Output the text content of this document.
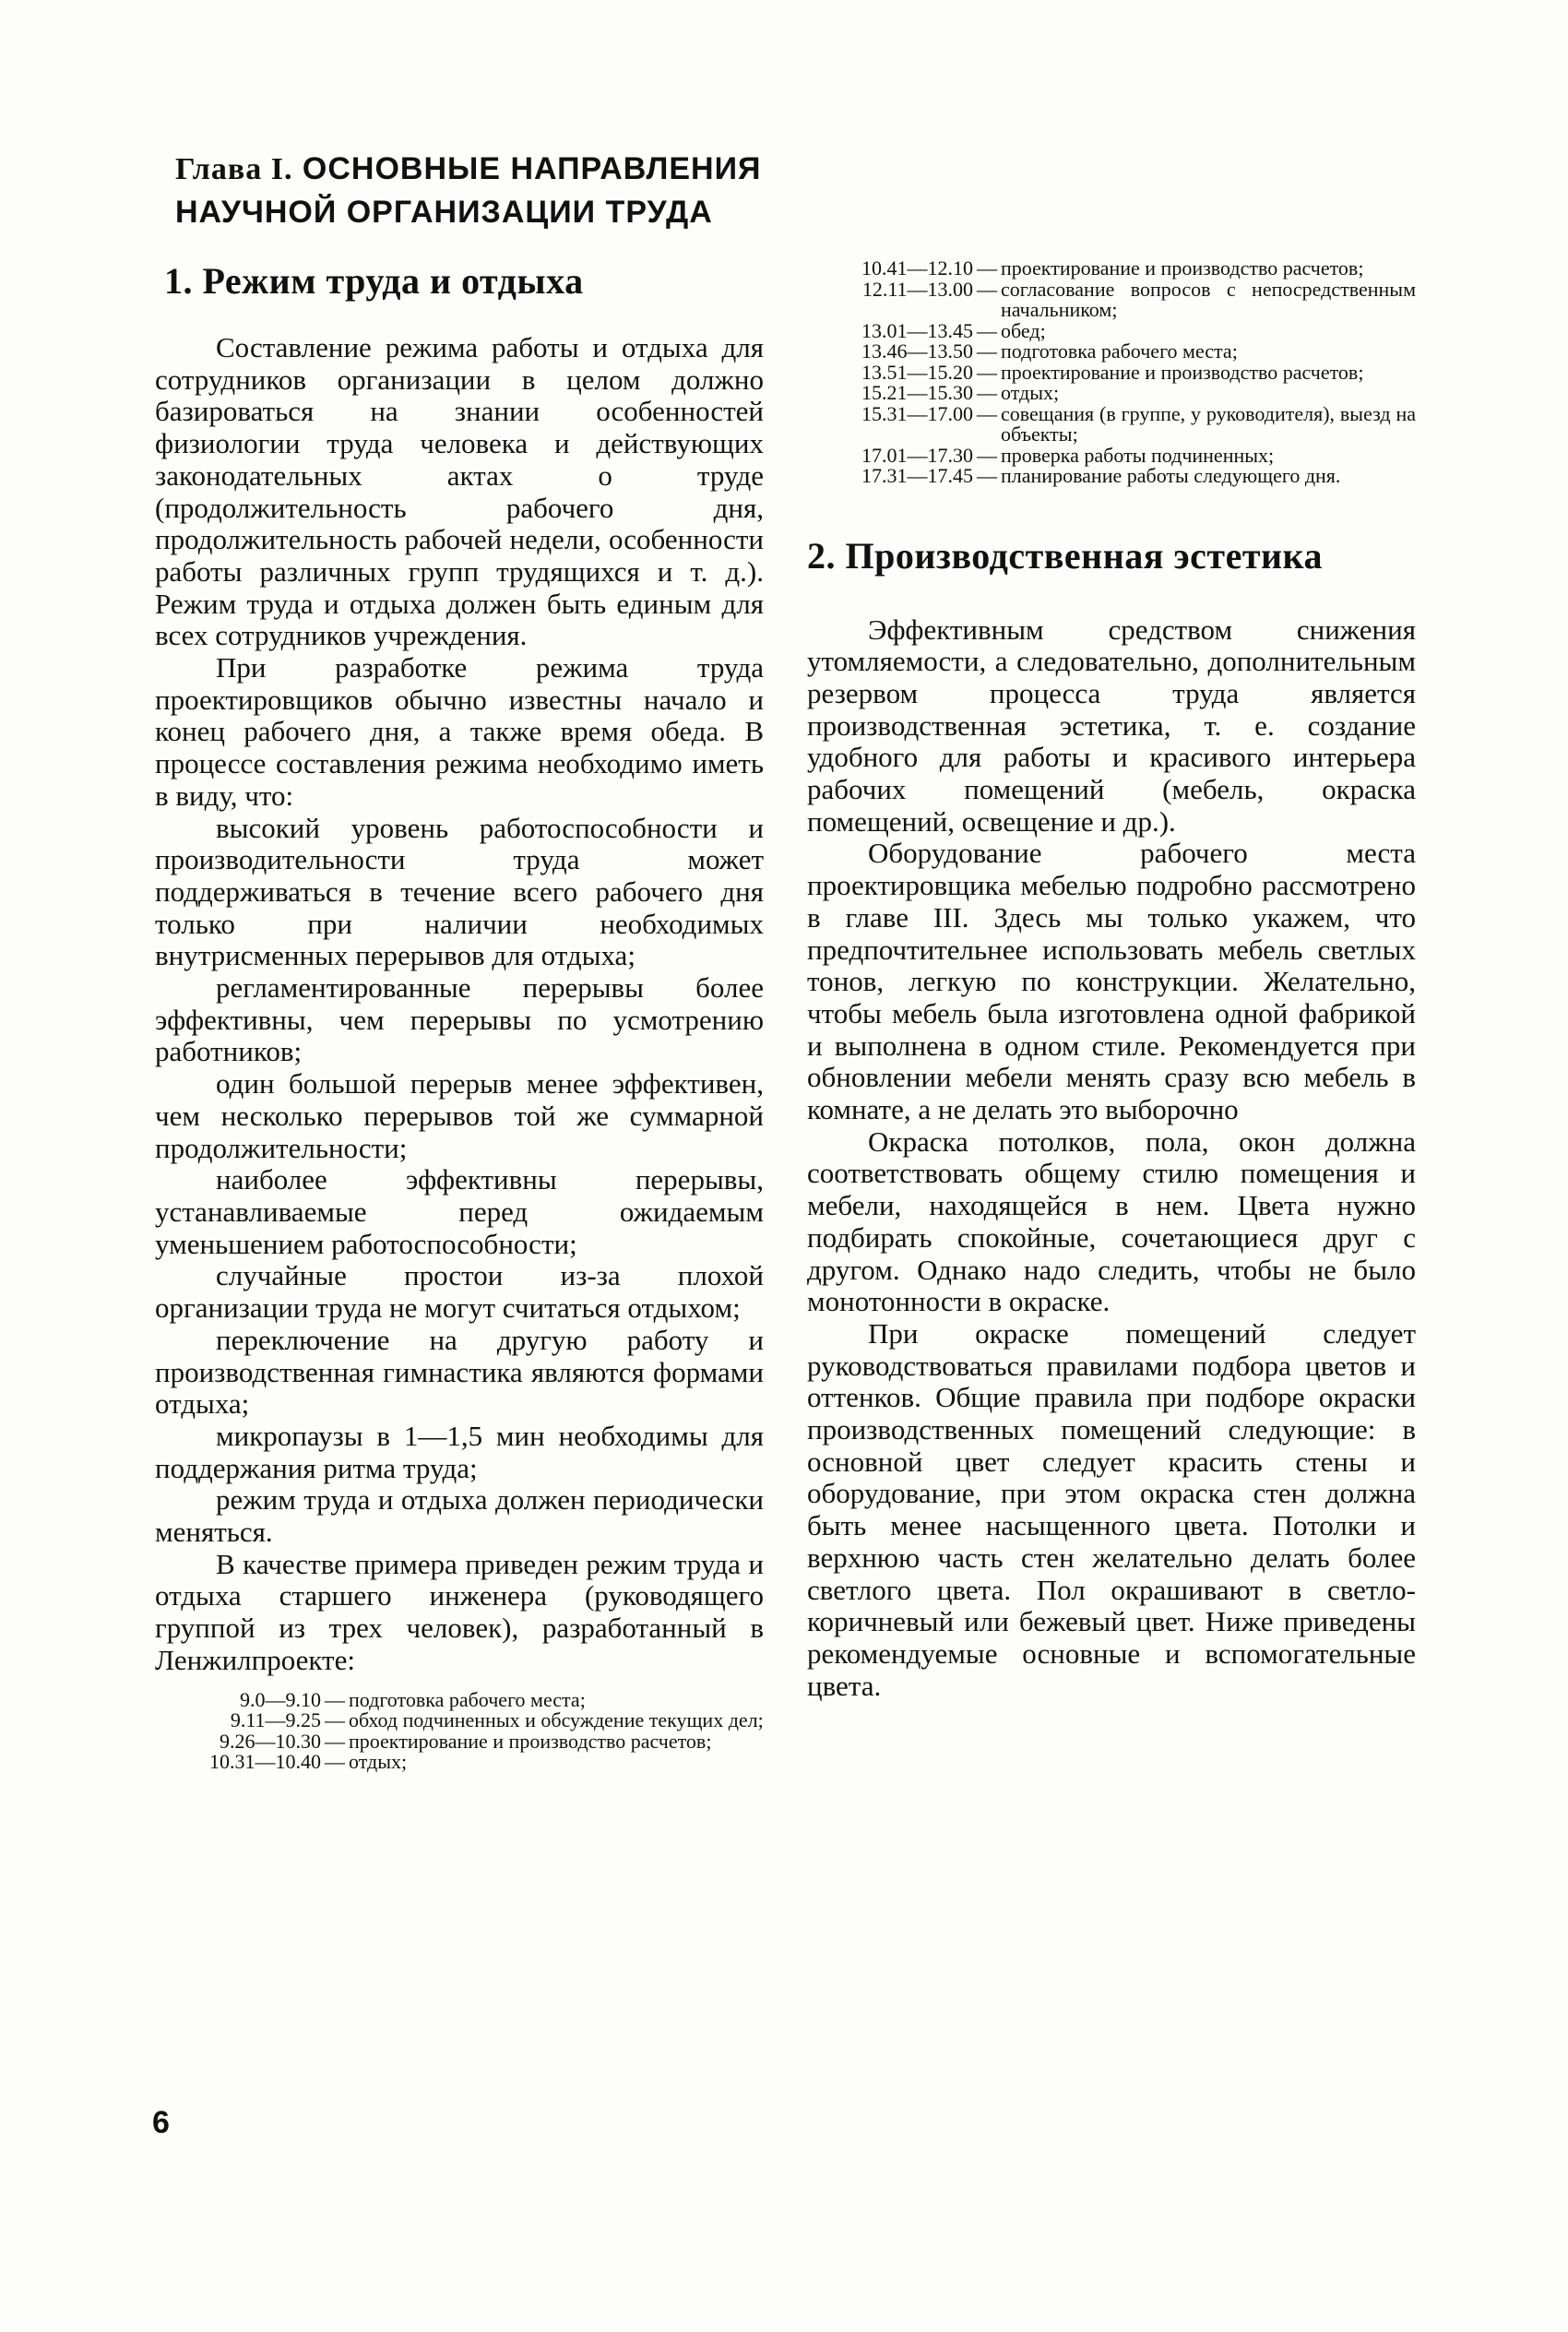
Глава I. ОСНОВНЫЕ НАПРАВЛЕНИЯ
НАУЧНОЙ ОРГАНИЗАЦИИ ТРУДА
1. Режим труда и отдыха

Составление режима работы и отдыха для сотрудников организации в целом должно базироваться на знании особенностей физиологии труда человека и действующих законодательных актах о труде (продолжительность рабочего дня, продолжительность рабочей недели, особенности работы различных групп трудящихся и т. д.). Режим труда и отдыха должен быть единым для всех сотрудников учреждения.

При разработке режима труда проектировщиков обычно известны начало и конец рабочего дня, а также время обеда. В процессе составления режима необходимо иметь в виду, что:

высокий уровень работоспособности и производительности труда может поддерживаться в течение всего рабочего дня только при наличии необходимых внутрисменных перерывов для отдыха;

регламентированные перерывы более эффективны, чем перерывы по усмотрению работников;

один большой перерыв менее эффективен, чем несколько перерывов той же суммарной продолжительности;

наиболее эффективны перерывы, устанавливаемые перед ожидаемым уменьшением работоспособности;

случайные простои из-за плохой организации труда не могут считаться отдыхом;

переключение на другую работу и производственная гимнастика являются формами отдыха;

микропаузы в 1—1,5 мин необходимы для поддержания ритма труда;

режим труда и отдыха должен периодически меняться.

В качестве примера приведен режим труда и отдыха старшего инженера (руководящего группой из трех человек), разработанный в Ленжилпроекте:

9.0—9.10 — подготовка рабочего места;
9.11—9.25 — обход подчиненных и обсуждение текущих дел;
9.26—10.30 — проектирование и производство расчетов;
10.31—10.40 — отдых;
10.41—12.10 — проектирование и производство расчетов;
12.11—13.00 — согласование вопросов с непосредственным начальником;
13.01—13.45 — обед;
13.46—13.50 — подготовка рабочего места;
13.51—15.20 — проектирование и производство расчетов;
15.21—15.30 — отдых;
15.31—17.00 — совещания (в группе, у руководителя), выезд на объекты;
17.01—17.30 — проверка работы подчиненных;
17.31—17.45 — планирование работы следующего дня.
2. Производственная эстетика

Эффективным средством снижения утомляемости, а следовательно, дополнительным резервом процесса труда является производственная эстетика, т. е. создание удобного для работы и красивого интерьера рабочих помещений (мебель, окраска помещений, освещение и др.).

Оборудование рабочего места проектировщика мебелью подробно рассмотрено в главе III. Здесь мы только укажем, что предпочтительнее использовать мебель светлых тонов, легкую по конструкции. Желательно, чтобы мебель была изготовлена одной фабрикой и выполнена в одном стиле. Рекомендуется при обновлении мебели менять сразу всю мебель в комнате, а не делать это выборочно

Окраска потолков, пола, окон должна соответствовать общему стилю помещения и мебели, находящейся в нем. Цвета нужно подбирать спокойные, сочетающиеся друг с другом. Однако надо следить, чтобы не было монотонности в окраске.

При окраске помещений следует руководствоваться правилами подбора цветов и оттенков. Общие правила при подборе окраски производственных помещений следующие: в основной цвет следует красить стены и оборудование, при этом окраска стен должна быть менее насыщенного цвета. Потолки и верхнюю часть стен желательно делать более светлого цвета. Пол окрашивают в светло-коричневый или бежевый цвет. Ниже приведены рекомендуемые основные и вспомогательные цвета.

6
